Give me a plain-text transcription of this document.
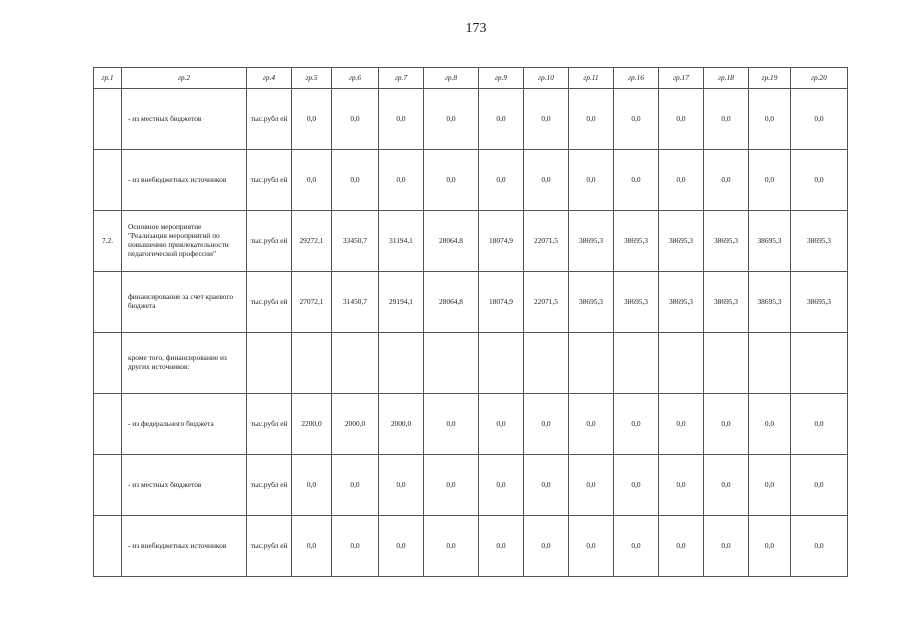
173
гр.1	гр.2	гр.4	гр.5	гр.6	гр.7	гр.8	гр.9	гр.10	гр.11	гр.16	гр.17	гр.18	гр.19	гр.20
	- из местных бюджетов	тыс.рубл ей	0,0	0,0	0,0	0,0	0,0	0,0	0,0	0,0	0,0	0,0	0,0	0,0
	- из внебюджетных источников	тыс.рубл ей	0,0	0,0	0,0	0,0	0,0	0,0	0,0	0,0	0,0	0,0	0,0	0,0
7.2.	Основное мероприятие "Реализация мероприятий по повышению привлекательности педагогической профессии"	тыс.рубл ей	29272,1	33450,7	31194,1	28064,8	18074,9	22071,5	38695,3	38695,3	38695,3	38695,3	38695,3	38695,3
	финансирование за счет краевого бюджета	тыс.рубл ей	27072,1	31450,7	29194,1	28064,8	18074,9	22071,5	38695,3	38695,3	38695,3	38695,3	38695,3	38695,3
	кроме того, финансирование из других источников:													
	- из федерального бюджета	тыс.рубл ей	2200,0	2000,0	2000,0	0,0	0,0	0,0	0,0	0,0	0,0	0,0	0,0	0,0
	- из местных бюджетов	тыс.рубл ей	0,0	0,0	0,0	0,0	0,0	0,0	0,0	0,0	0,0	0,0	0,0	0,0
	- из внебюджетных источников	тыс.рубл ей	0,0	0,0	0,0	0,0	0,0	0,0	0,0	0,0	0,0	0,0	0,0	0,0
